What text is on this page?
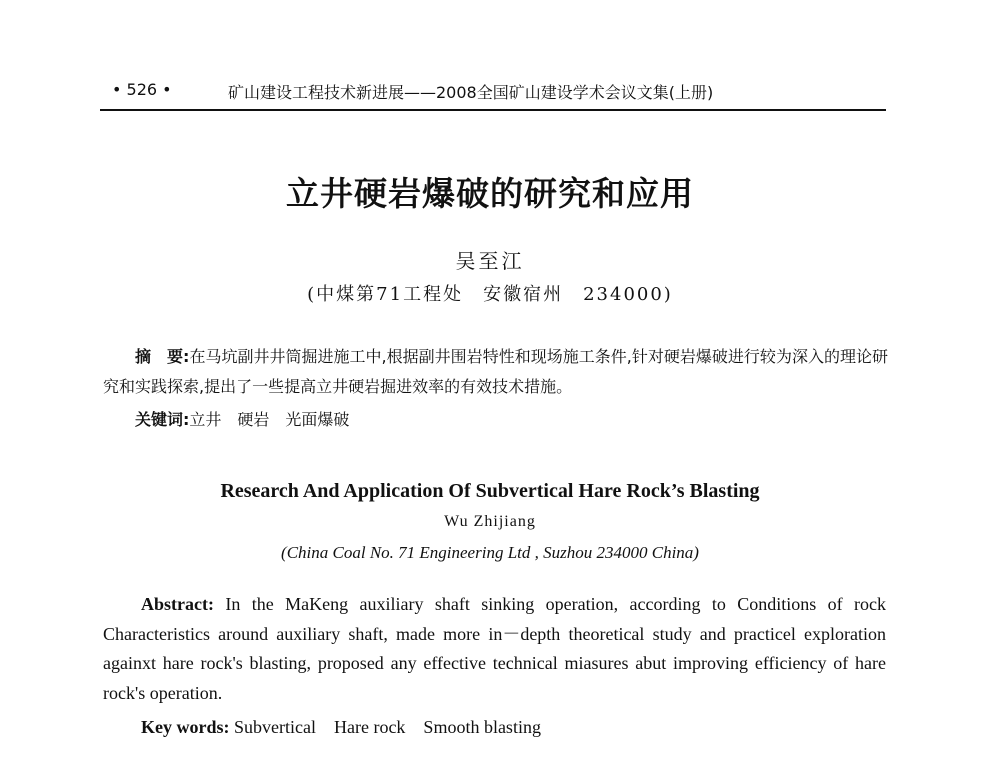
• 526 •	矿山建设工程技术新进展——2008全国矿山建设学术会议文集(上册)
立井硬岩爆破的研究和应用
吴至江
(中煤第71工程处　安徽宿州　234000)
摘　要:在马坑副井井筒掘进施工中,根据副井围岩特性和现场施工条件,针对硬岩爆破进行较为深入的理论研究和实践探索,提出了一些提高立井硬岩掘进效率的有效技术措施。
关键词:立井　硬岩　光面爆破
Research And Application Of Subvertical Hare Rock’s Blasting
Wu Zhijiang
(China Coal No. 71 Engineering Ltd , Suzhou 234000 China)
Abstract: In the MaKeng auxiliary shaft sinking operation, according to Conditions of rock Characteristics around auxiliary shaft, made more in－depth theoretical study and practicel exploration againxt hare rock's blasting, proposed any effective technical miasures abut improving efficiency of hare rock's operation.
Key words: Subvertical　Hare rock　Smooth blasting
